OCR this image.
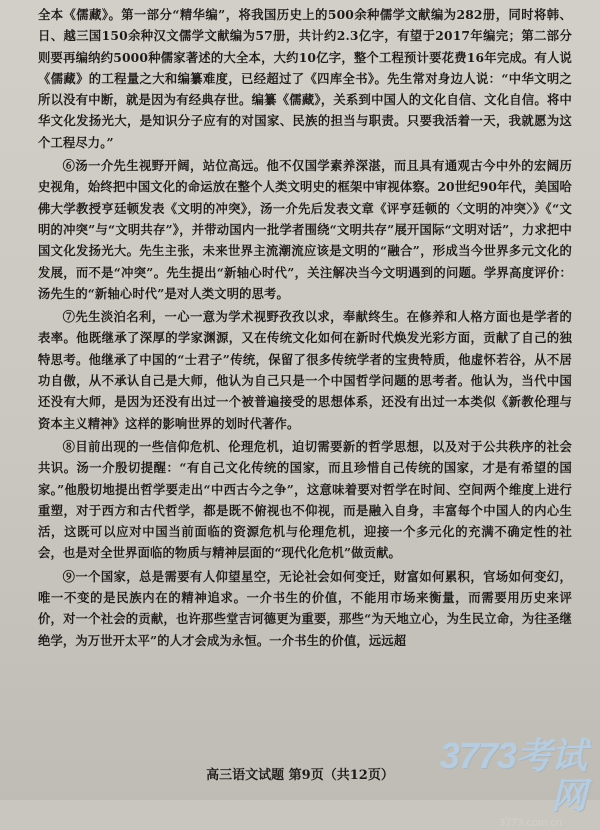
全本《儒藏》。第一部分“精华编”，将我国历史上的500余种儒学文献编为282册，同时将韩、日、越三国150余种汉文儒学文献编为57册，共计约2.3亿字，有望于2017年编完；第二部分则要再编纳约5000种儒家著述的大全本，大约10亿字，整个工程预计要花费16年完成。有人说《儒藏》的工程量之大和编纂难度，已经超过了《四库全书》。先生常对身边人说：“中华文明之所以没有中断，就是因为有经典存世。编纂《儒藏》，关系到中国人的文化自信、文化自信。将中华文化发扬光大，是知识分子应有的对国家、民族的担当与职责。只要我活着一天，我就愿为这个工程尽力。”

⑥汤一介先生视野开阔，站位高远。他不仅国学素养深湛，而且具有通观古今中外的宏阔历史视角，始终把中国文化的命运放在整个人类文明史的框架中审视体察。20世纪90年代，美国哈佛大学教授亨廷顿发表《文明的冲突》，汤一介先后发表文章《评亨廷顿的〈文明的冲突〉》《“文明的冲突”与“文明共存”》，并带动国内一批学者围绕“文明共存”展开国际“文明对话”，力求把中国文化发扬光大。先生主张，未来世界主流潮流应该是文明的“融合”，形成当今世界多元文化的发展，而不是“冲突”。先生提出“新轴心时代”，关注解决当今文明遇到的问题。学界高度评价：汤先生的“新轴心时代”是对人类文明的思考。

⑦先生淡泊名利，一心一意为学术视野孜孜以求，奉献终生。在修养和人格方面也是学者的表率。他既继承了深厚的学家渊源，又在传统文化如何在新时代焕发光彩方面，贡献了自己的独特思考。他继承了中国的“士君子”传统，保留了很多传统学者的宝贵特质，他虚怀若谷，从不居功自傲，从不承认自己是大师，他认为自己只是一个中国哲学问题的思考者。他认为，当代中国还没有大师，是因为还没有出过一个被普遍接受的思想体系，还没有出过一本类似《新教伦理与资本主义精神》这样的影响世界的划时代著作。

⑧目前出现的一些信仰危机、伦理危机，迫切需要新的哲学思想，以及对于公共秩序的社会共识。汤一介殷切提醒：“有自己文化传统的国家，而且珍惜自己传统的国家，才是有希望的国家。”他殷切地提出哲学要走出“中西古今之争”，这意味着要对哲学在时间、空间两个维度上进行重塑，对于西方和古代哲学，都是既不俯视也不仰视，而是融入自身，丰富每个中国人的内心生活，这既可以应对中国当前面临的资源危机与伦理危机，迎接一个多元化的充满不确定性的社会，也是对全世界面临的物质与精神层面的“现代化危机”做贡献。

⑨一个国家，总是需要有人仰望星空，无论社会如何变迁，财富如何累积，官场如何变幻，唯一不变的是民族内在的精神追求。一介书生的价值，不能用市场来衡量，而需要用历史来评价，对一个社会的贡献，也许那些堂吉诃德更为重要，那些“为天地立心，为生民立命，为往圣继绝学，为万世开太平”的人才会成为永恒。一介书生的价值，远远超

高三语文试题 第9页（共12页）	3773考试网
3773.com.cn
